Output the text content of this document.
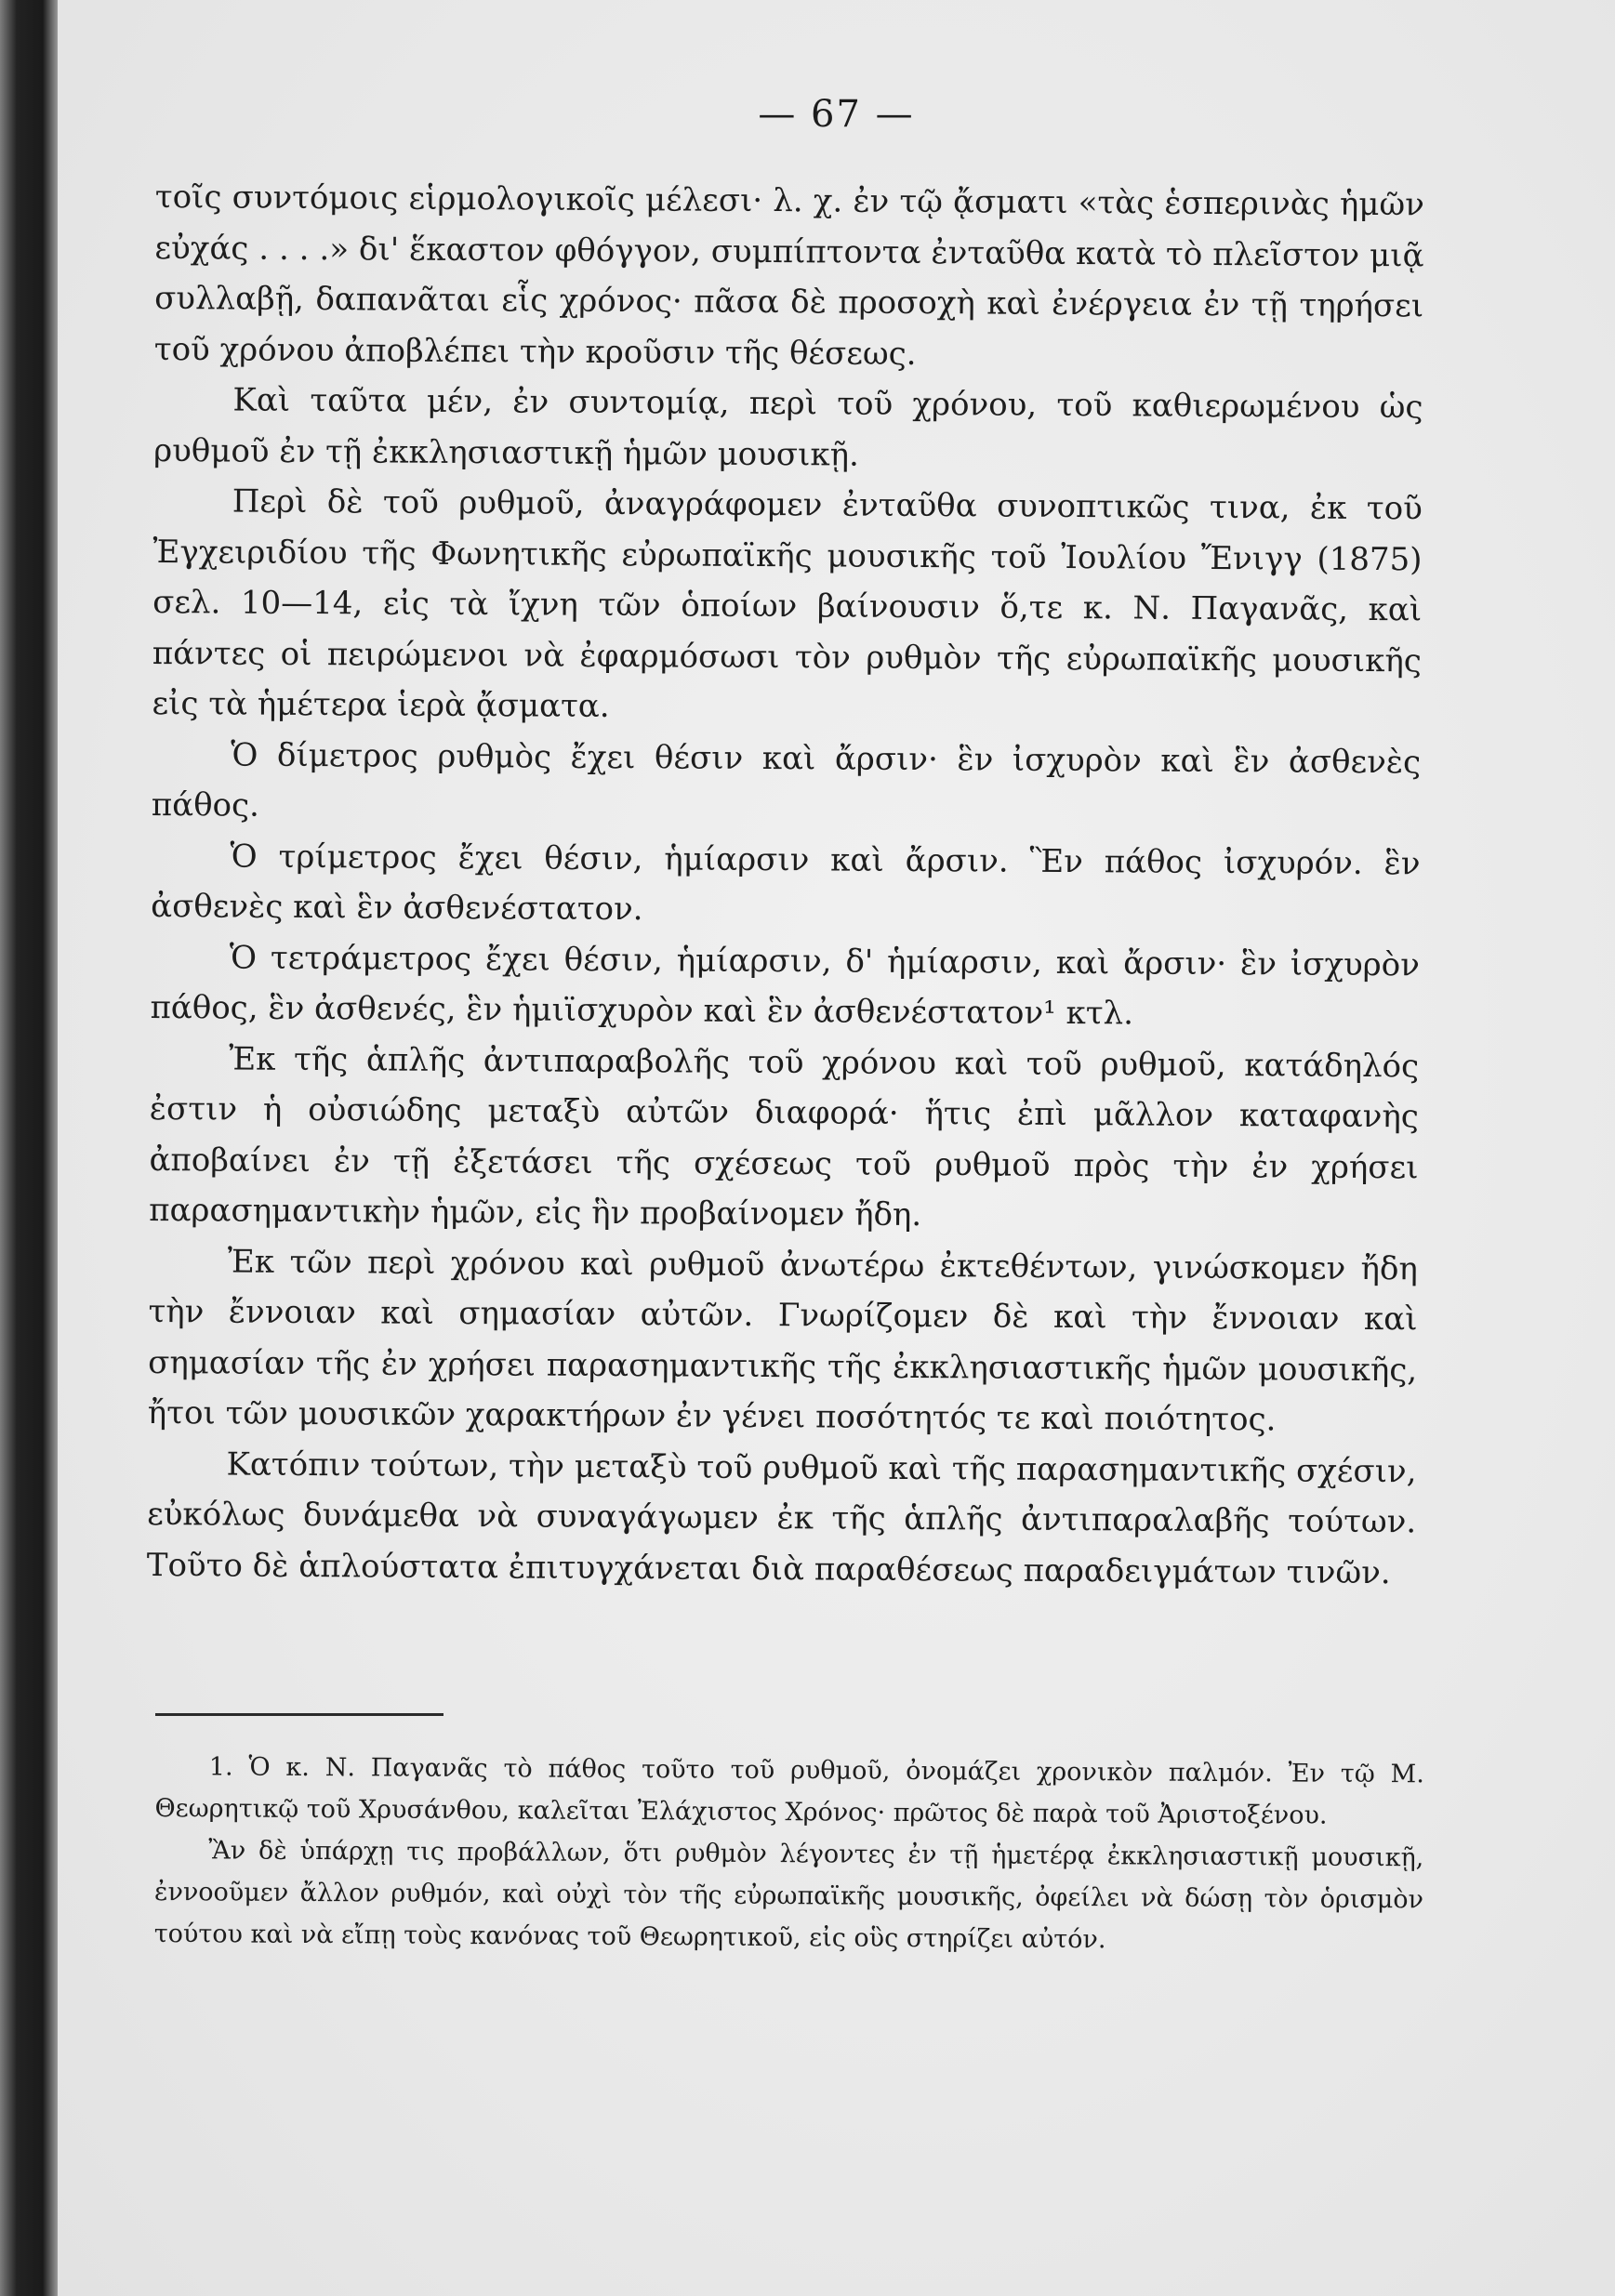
— 67 —

τοῖς συντόμοις εἱρμολογικοῖς μέλεσι· λ. χ. ἐν τῷ ᾄσματι «τὰς ἑσπερινὰς ἡμῶν εὐχάς . . . .» δι' ἕκαστον φθόγγον, συμπίπτοντα ἐνταῦθα κατὰ τὸ πλεῖστον μιᾷ συλλαβῇ, δαπανᾶται εἷς χρόνος· πᾶσα δὲ προσοχὴ καὶ ἐνέργεια ἐν τῇ τηρήσει τοῦ χρόνου ἀποβλέπει τὴν κροῦσιν τῆς θέσεως.

Καὶ ταῦτα μέν, ἐν συντομίᾳ, περὶ τοῦ χρόνου, τοῦ καθιερωμένου ὡς ρυθμοῦ ἐν τῇ ἐκκλησιαστικῇ ἡμῶν μουσικῇ.

Περὶ δὲ τοῦ ρυθμοῦ, ἀναγράφομεν ἐνταῦθα συνοπτικῶς τινα, ἐκ τοῦ Ἐγχειριδίου τῆς Φωνητικῆς εὐρωπαϊκῆς μουσικῆς τοῦ Ἰουλίου Ἔνιγγ (1875) σελ. 10—14, εἰς τὰ ἴχνη τῶν ὁποίων βαίνουσιν ὅ,τε κ. Ν. Παγανᾶς, καὶ πάντες οἱ πειρώμενοι νὰ ἐφαρμόσωσι τὸν ρυθμὸν τῆς εὐρωπαϊκῆς μουσικῆς εἰς τὰ ἡμέτερα ἱερὰ ᾄσματα.

Ὁ δίμετρος ρυθμὸς ἔχει θέσιν καὶ ἄρσιν· ἓν ἰσχυρὸν καὶ ἓν ἀσθενὲς πάθος.

Ὁ τρίμετρος ἔχει θέσιν, ἡμίαρσιν καὶ ἄρσιν. Ἓν πάθος ἰσχυρόν. ἓν ἀσθενὲς καὶ ἓν ἀσθενέστατον.

Ὁ τετράμετρος ἔχει θέσιν, ἡμίαρσιν, δ' ἡμίαρσιν, καὶ ἄρσιν· ἓν ἰσχυρὸν πάθος, ἓν ἀσθενές, ἓν ἡμιϊσχυρὸν καὶ ἓν ἀσθενέστατον¹ κτλ.

Ἐκ τῆς ἁπλῆς ἀντιπαραβολῆς τοῦ χρόνου καὶ τοῦ ρυθμοῦ, κατάδηλός ἐστιν ἡ οὐσιώδης μεταξὺ αὐτῶν διαφορά· ἥτις ἐπὶ μᾶλλον καταφανὴς ἀποβαίνει ἐν τῇ ἐξετάσει τῆς σχέσεως τοῦ ρυθμοῦ πρὸς τὴν ἐν χρήσει παρασημαντικὴν ἡμῶν, εἰς ἣν προβαίνομεν ἤδη.

Ἐκ τῶν περὶ χρόνου καὶ ρυθμοῦ ἀνωτέρω ἐκτεθέντων, γινώσκομεν ἤδη τὴν ἔννοιαν καὶ σημασίαν αὐτῶν. Γνωρίζομεν δὲ καὶ τὴν ἔννοιαν καὶ σημασίαν τῆς ἐν χρήσει παρασημαντικῆς τῆς ἐκκλησιαστικῆς ἡμῶν μουσικῆς, ἤτοι τῶν μουσικῶν χαρακτήρων ἐν γένει ποσότητός τε καὶ ποιότητος.

Κατόπιν τούτων, τὴν μεταξὺ τοῦ ρυθμοῦ καὶ τῆς παρασημαντικῆς σχέσιν, εὐκόλως δυνάμεθα νὰ συναγάγωμεν ἐκ τῆς ἁπλῆς ἀντιπαραλαβῆς τούτων. Τοῦτο δὲ ἁπλούστατα ἐπιτυγχάνεται διὰ παραθέσεως παραδειγμάτων τινῶν.

1. Ὁ κ. Ν. Παγανᾶς τὸ πάθος τοῦτο τοῦ ρυθμοῦ, ὀνομάζει χρονικὸν παλμόν. Ἐν τῷ Μ. Θεωρητικῷ τοῦ Χρυσάνθου, καλεῖται Ἐλάχιστος Χρόνος· πρῶτος δὲ παρὰ τοῦ Ἀριστοξένου.

Ἂν δὲ ὑπάρχῃ τις προβάλλων, ὅτι ρυθμὸν λέγοντες ἐν τῇ ἡμετέρᾳ ἐκκλησιαστικῇ μουσικῇ, ἐννοοῦμεν ἄλλον ρυθμόν, καὶ οὐχὶ τὸν τῆς εὐρωπαϊκῆς μουσικῆς, ὀφείλει νὰ δώσῃ τὸν ὁρισμὸν τούτου καὶ νὰ εἴπῃ τοὺς κανόνας τοῦ Θεωρητικοῦ, εἰς οὓς στηρίζει αὐτόν.
